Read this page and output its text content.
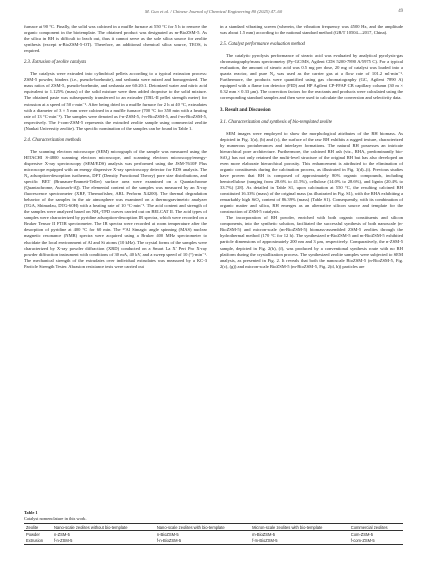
M. Guo et al. / Chinese Journal of Chemical Engineering 80 (2025) 47–60	49

furnace at 90 °C. Finally, the solid was calcined in a muffle furnace at 550 °C for 5 h to remove the organic component in the biotemplate. The obtained product was designated as m-BioZSM-5. As the silica in RH is difficult to leach out, thus it cannot serve as the sole silica source for zeolite synthesis (except n-BioZSM-5-OT). Therefore, an additional chemical silica source, TEOS, is required.

2.3. Extrusion of zeolite catalysts

The catalysts were extruded into cylindrical pellets according to a typical extrusion process: ZSM-5 powder, binders (i.e., pseudo-boehmite), and sesbania were mixed and homogenized. The mass ratios of ZSM-5, pseudo-boehmite, and sesbania are 60:20:1. Deionized water and nitric acid equivalent to 1.125% (mass) of the solid mixture were then added dropwise to the solid mixture. The obtained paste was subsequently transferred to an extruder (TBL-II pellet strength meter) for extrusion at a speed of 50 r·min⁻¹. After being dried in a muffle furnace for 2 h at 40 °C, extrudates with a diameter of 3 × 5 mm were calcined in a muffle furnace (700 °C for 350 min with a heating rate of 13 °C·min⁻¹). The samples were denoted as f-n-ZSM-5, f-n-BioZSM-5, and f-m-BioZSM-5, respectively. The f-com-ZSM-5 represents the extruded zeolite sample using commercial zeolite (Nankai University zeolite). The specific nomination of the samples can be found in Table 1.

2.4. Characterization methods

The scanning electron microscope (SEM) micrograph of the sample was measured using the HITACHI S-4800 scanning electron microscope, and scanning electron microscopy/energy-dispersive X-ray spectroscopy (SEM/EDS) analysis was performed using the JSM-7610F Plus microscope equipped with an energy dispersive X-ray spectroscopy detector for EDS analysis. The N₂ adsorption-desorption isotherms, DFT (Density Functional Theory) pore size distributions, and specific BET (Brunauer-Emmett-Teller) surface area were examined on a Quantachrome (Quantachrome, Autosorb-iQ). The elemental content of the samples was measured by an X-ray fluorescence spectrometer (XRF, Thermofisher, ARL Perform X4200). The thermal degradation behavior of the samples in the air atmosphere was examined on a thermogravimetric analyzer (TGA, Shimadzu, DTG-60H) with a heating rate of 10 °C·min⁻¹. The acid content and strength of the samples were analyzed based on NH₃-TPD curves carried out on BELCAT II. The acid types of samples were characterized by pyridine adsorption-desorption IR spectra, which were recorded on a Bruker Tensor II FTIR spectrometer. The IR spectra were recorded at room temperature after the desorption of pyridine at 400 °C for 60 min. The ²⁷Al Simagic angle spinning (MAS) nuclear magnetic resonance (NMR) spectra were acquired using a Bruker 400 MHz spectrometer to elucidate the local environment of Al and Si atoms (10 kHz). The crystal forms of the samples were characterized by X-ray powder diffraction (XRD) conducted on a Smart La X' Pert Pro X-ray powder diffraction instrument with conditions of 30 mA, 40 kV, and a sweep speed of 10 (°)·min⁻¹. The mechanical strength of the extrudates over individual extrudates was measured by a KC-3 Particle Strength Tester. Abrasion resistance tests were carried out

in a standard vibrating screen (wherein, the vibration frequency was 4500 Hz, and the amplitude was about 1.5 mm) according to the national standard method (GB/T 10504—2017, China).

2.5. Catalyst performance evaluation method

The catalytic pyrolysis performance of stearic acid was evaluated by analytical pyrolysis-gas chromatography/mass spectrometry (Py-GC/MS, Agilent CDS 5200-7890 A/5975 C). For a typical evaluation, the amount of stearic acid was 0.5 mg per dose, 20 mg of catalyst was loaded into a quartz reactor, and pure N₂ was used as the carrier gas at a flow rate of 101.2 ml·min⁻¹. Furthermore, the products were quantified using gas chromatography (GC, Agilent 7890 A) equipped with a flame ion detector (FID) and HP Agilent CP-FFAP CB capillary column (30 m × 0.32 mm × 0.33 μm). The correction factors for the reactants and products were calculated using the corresponding standard samples and then were used to calculate the conversion and selectivity data.

3. Result and Discussion
3.1. Characterization and synthesis of bio-templated zeolite

SEM images were employed to show the morphological attributes of the RH biomass. As depicted in Fig. 1(a), (b) and (c), the surface of the raw RH exhibits a rugged texture, characterized by numerous protuberances and interlayer formations. The natural RH possesses an intricate hierarchical pore architecture. Furthermore, the calcined RH ash (viz., RHA, predominantly bio-SiO₂) has not only retained the multi-level structure of the original RH but has also developed an even more elaborate hierarchical porosity. This enhancement is attributed to the elimination of organic constituents during the calcination process, as illustrated in Fig. 1(d)–(i). Previous studies have proven that RH is composed of approximately 80% organic compounds, including hemicellulose (ranging from 28.6% to 41.5%), cellulose (14.0% to 28.6%), and lignin (20.4% to 33.7%) [28]. As detailed in Table S1, upon calcination at 550 °C, the resulting calcined RH constituted 16.33% (mass) of the original mass (as illustrated in Fig. S1), with the RHA exhibiting a remarkably high SiO₂ content of 86.39% (mass) (Table S1). Consequently, with its combination of organic matter and silica, RH emerges as an alternative silicon source and template for the construction of ZSM-5 catalysts.

The incorporation of RH powder, enriched with both organic constituents and silicon components, into the synthetic solution, facilitated the successful synthesis of both nanoscale (n-BioZSM-5) and micron-scale (m-BioZSM-5) biomass-assembled ZSM-5 zeolites through the hydrothermal method (170 °C for 12 h). The synthesized n-BioZSM-5 and m-BioZSM-5 exhibited particle dimensions of approximately 200 nm and 3 μm, respectively. Comparatively, the n-ZSM-5 sample, depicted in Fig. 2(b), (f), was produced by a conventional synthesis route with no RH platform during the crystallization process. The synthesized zeolite samples were subjected to SEM analysis, as presented in Fig. 2. It reveals that both the nanoscale BioZSM-5 (n-BioZSM-5, Fig. 2(c), (g)) and micron-scale BioZSM-5 (m-BioZSM-5, Fig. 2(d, h)) particles are

Table 1
Catalyst nomenclature in this work.
Zeolite	Nano-scale zeolites without bio-template	Nano-scale zeolites with bio-template	Micron-scale zeolites with bio-template	Commercial zeolites
Powder	n-ZSM-5	n-BioZSM-5	m-BioZSM-5	Com-ZSM-5
Extrusion	f-n-ZSM-5	f-n-BioZSM-5	f-m-BioZSM-5	f-com-ZSM-5
